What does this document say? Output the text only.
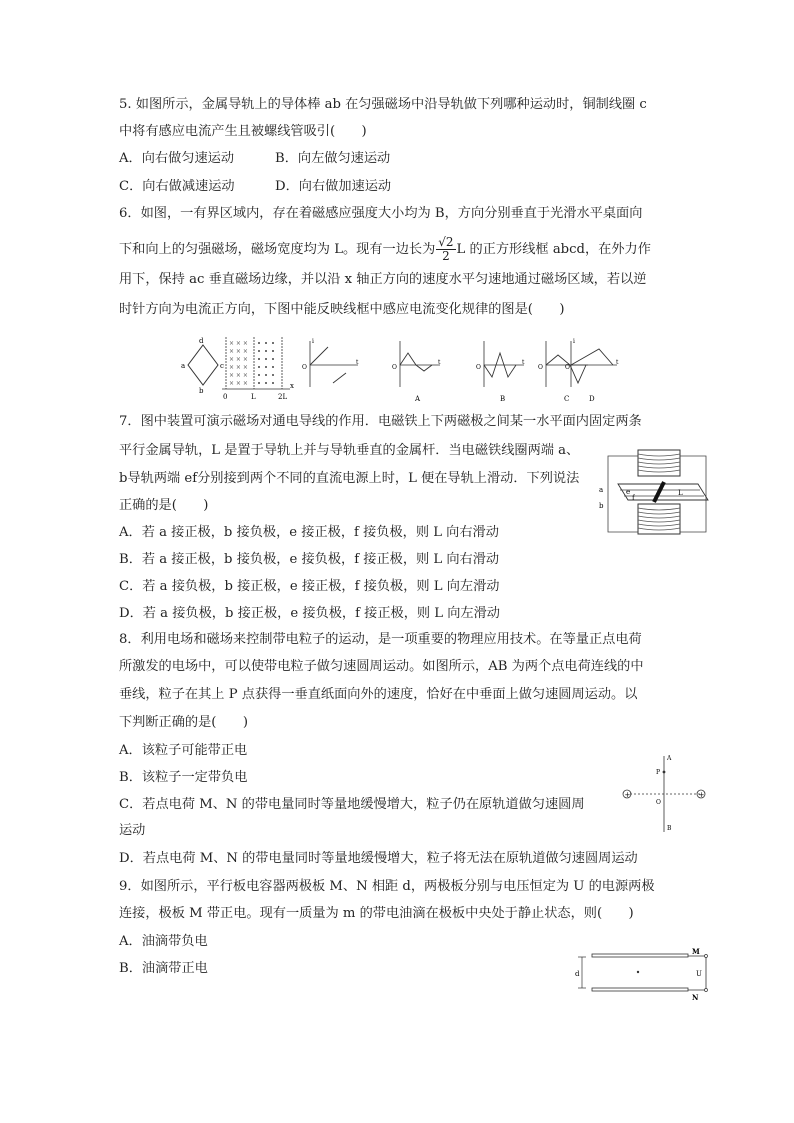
5. 如图所示，金属导轨上的导体棒 ab 在匀强磁场中沿导轨做下列哪种运动时，铜制线圈 c
中将有感应电流产生且被螺线管吸引(　　)
A．向右做匀速运动	B．向左做匀速运动
C．向右做减速运动	D．向右做加速运动
6．如图，一有界区域内，存在着磁感应强度大小均为 B，方向分别垂直于光滑水平桌面向
下和向上的匀强磁场，磁场宽度均为 L。现有一边长为 $\frac{√2}{2}$ L 的正方形线框 abcd，在外力作
用下，保持 ac 垂直磁场边缘，并以沿 x 轴正方向的速度水平匀速地通过磁场区域，若以逆
时针方向为电流正方向，下图中能反映线框中感应电流变化规律的图是(　　)
d
a	c
b
× × ×
× × ×
× × ×
× × ×
× × ×
× × ×	x
0	L	2L
i
O
t
O
t
A
O
t
B
O
C
i
O
t
D
7．图中装置可演示磁场对通电导线的作用．电磁铁上下两磁极之间某一水平面内固定两条
平行金属导轨，L 是置于导轨上并与导轨垂直的金属杆．当电磁铁线圈两端 a、
b导轨两端 ef分别接到两个不同的直流电源上时，L 便在导轨上滑动．下列说法
正确的是(　　)
A．若 a 接正极，b 接负极，e 接正极，f 接负极，则 L 向右滑动
B．若 a 接正极，b 接负极，e 接负极，f 接正极，则 L 向右滑动
C．若 a 接负极，b 接正极，e 接正极，f 接负极，则 L 向左滑动
D．若 a 接负极，b 接正极，e 接负极，f 接正极，则 L 向左滑动
a
b
e
f
L
8．利用电场和磁场来控制带电粒子的运动，是一项重要的物理应用技术。在等量正点电荷
所激发的电场中，可以使带电粒子做匀速圆周运动。如图所示，AB 为两个点电荷连线的中
垂线，粒子在其上 P 点获得一垂直纸面向外的速度，恰好在中垂面上做匀速圆周运动。以
下判断正确的是(　　)
A．该粒子可能带正电
B．该粒子一定带负电
C．若点电荷 M、N 的带电量同时等量地缓慢增大，粒子仍在原轨道做匀速圆周
运动
D．若点电荷 M、N 的带电量同时等量地缓慢增大，粒子将无法在原轨道做匀速圆周运动
+	+
A
P
O
B
9．如图所示，平行板电容器两极板 M、N 相距 d，两极板分别与电压恒定为 U 的电源两极
连接，极板 M 带正电。现有一质量为 m 的带电油滴在极板中央处于静止状态，则(　　)
A．油滴带负电
B．油滴带正电	d
M
N
U
